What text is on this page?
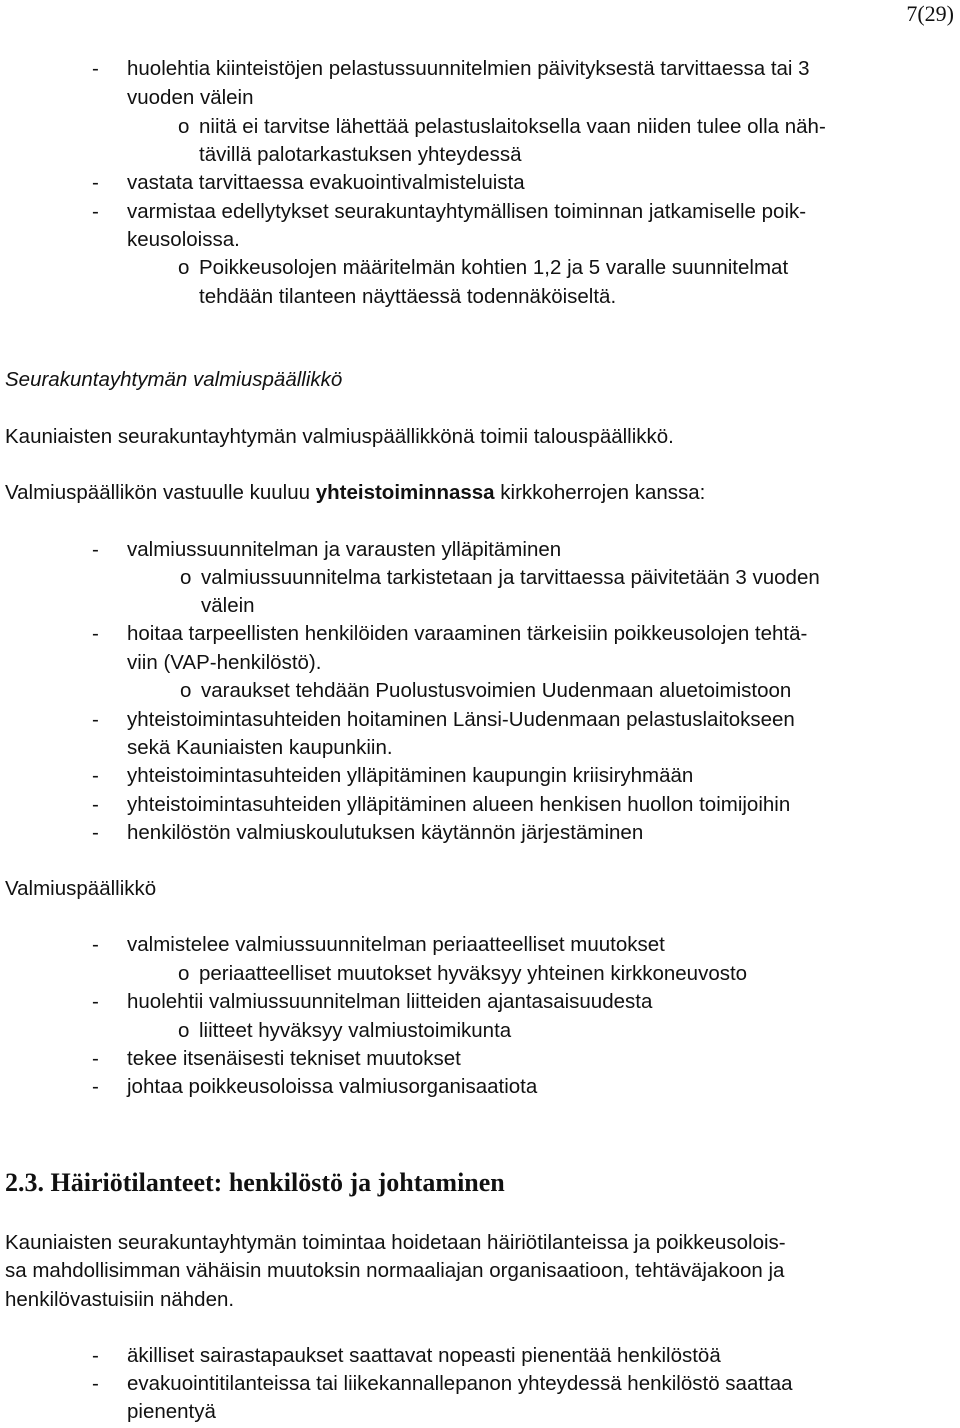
7(29)
- huolehtia kiinteistöjen pelastussuunnitelmien päivityksestä tarvittaessa tai 3
vuoden välein
o niitä ei tarvitse lähettää pelastuslaitoksella vaan niiden tulee olla näh-
tävillä palotarkastuksen yhteydessä
- vastata tarvittaessa evakuointivalmisteluista
- varmistaa edellytykset seurakuntayhtymällisen toiminnan jatkamiselle poik-
keusoloissa.
o Poikkeusolojen määritelmän kohtien 1,2 ja 5 varalle suunnitelmat
tehdään tilanteen näyttäessä todennäköiseltä.
Seurakuntayhtymän valmiuspäällikkö
Kauniaisten seurakuntayhtymän valmiuspäällikkönä toimii talouspäällikkö.
Valmiuspäällikön vastuulle kuuluu yhteistoiminnassa kirkkoherrojen kanssa:
- valmiussuunnitelman ja varausten ylläpitäminen
o valmiussuunnitelma tarkistetaan ja tarvittaessa päivitetään 3 vuoden
välein
- hoitaa tarpeellisten henkilöiden varaaminen tärkeisiin poikkeusolojen tehtä-
viin (VAP-henkilöstö).
o varaukset tehdään Puolustusvoimien Uudenmaan aluetoimistoon
- yhteistoimintasuhteiden hoitaminen Länsi-Uudenmaan pelastuslaitokseen
sekä Kauniaisten kaupunkiin.
- yhteistoimintasuhteiden ylläpitäminen kaupungin kriisiryhmään
- yhteistoimintasuhteiden ylläpitäminen alueen henkisen huollon toimijoihin
- henkilöstön valmiuskoulutuksen käytännön järjestäminen
Valmiuspäällikkö
- valmistelee valmiussuunnitelman periaatteelliset muutokset
o periaatteelliset muutokset hyväksyy yhteinen kirkkoneuvosto
- huolehtii valmiussuunnitelman liitteiden ajantasaisuudesta
o liitteet hyväksyy valmiustoimikunta
- tekee itsenäisesti tekniset muutokset
- johtaa poikkeusoloissa valmiusorganisaatiota
2.3. Häiriötilanteet: henkilöstö ja johtaminen
Kauniaisten seurakuntayhtymän toimintaa hoidetaan häiriötilanteissa ja poikkeusolois-
sa mahdollisimman vähäisin muutoksin normaaliajan organisaatioon, tehtäväjakoon ja
henkilövastuisiin nähden.
- äkilliset sairastapaukset saattavat nopeasti pienentää henkilöstöä
- evakuointitilanteissa tai liikekannallepanon yhteydessä henkilöstö saattaa
pienentyä
